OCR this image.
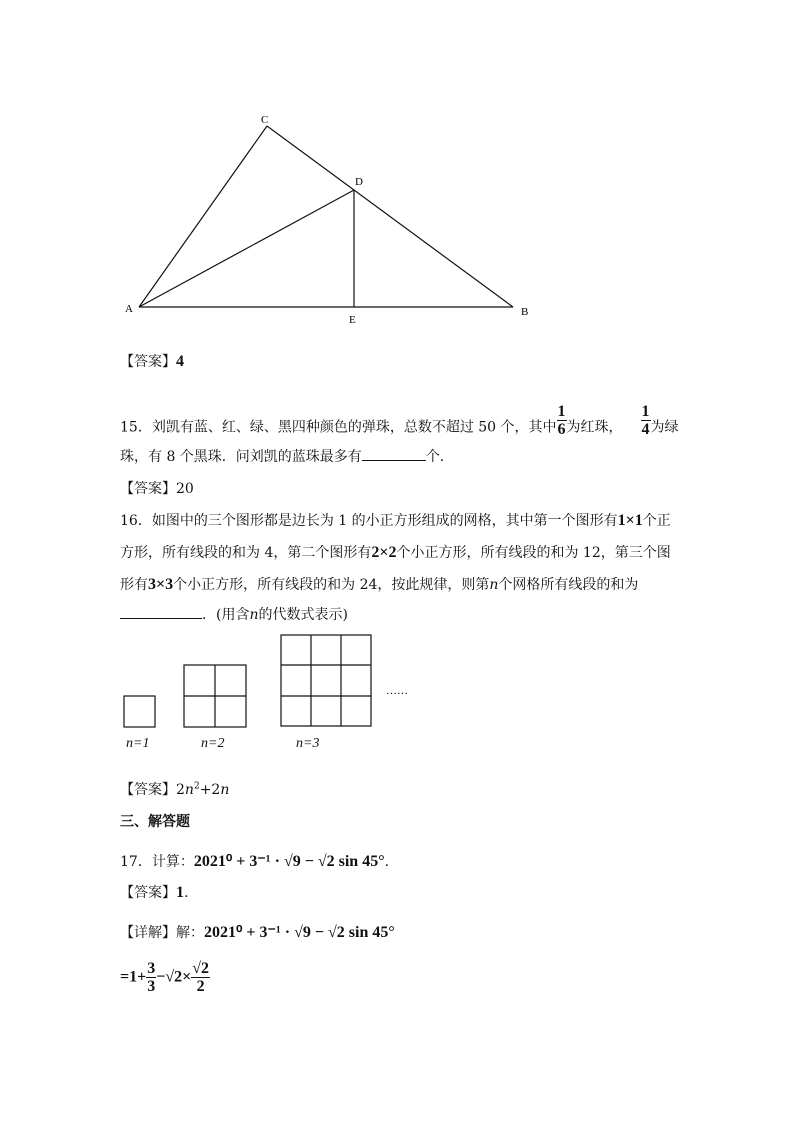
C
D
A
E
B
【答案】4
15．刘凯有蓝、红、绿、黑四种颜色的弹珠，总数不超过 50 个，其中 $\frac{1}{6}$ 为红珠， $\frac{1}{4}$ 为绿
珠，有 8 个黑珠．问刘凯的蓝珠最多有	个．
【答案】20
16．如图中的三个图形都是边长为 1 的小正方形组成的网格，其中第一个图形有1×1个正
方形，所有线段的和为 4，第二个图形有2×2个小正方形，所有线段的和为 12，第三个图
形有3×3个小正方形，所有线段的和为 24，按此规律，则第n个网格所有线段的和为
．(用含n的代数式表示)
……
n=1	n=2	n=3
【答案】$2n^2+2n$
三、解答题
17．计算：2021⁰ + 3⁻¹ · √9 − √2 sin 45°.
【答案】1.
【详解】解：2021⁰ + 3⁻¹ · √9 − √2 sin 45°
$=1+ \frac{3}{3} -√2\times \frac{√2}{2}$
